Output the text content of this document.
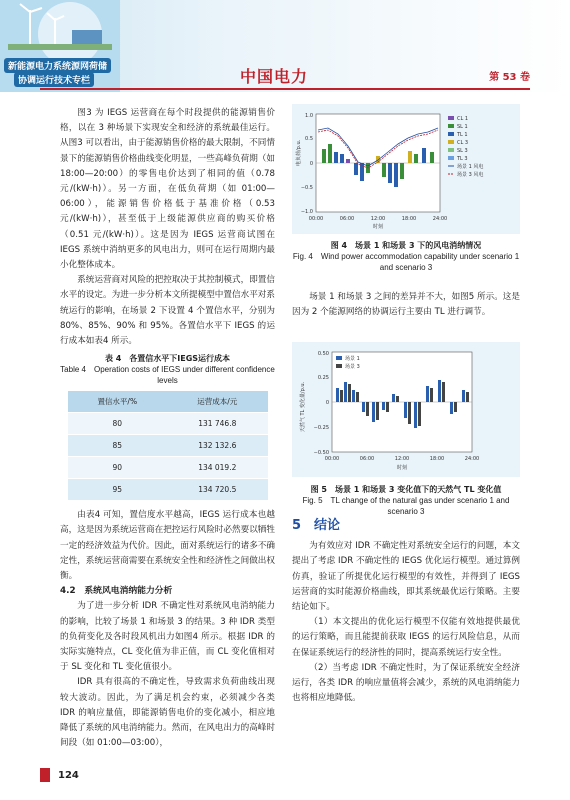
新能源电力系统源网荷储
协调运行技术专栏	中国电力	第 53 卷

图3 为 IEGS 运营商在每个时段提供的能源销售价格，以在 3 种场景下实现安全和经济的系统最佳运行。从图3 可以看出，由于能源销售价格的最大限制，不同情景下的能源销售价格曲线变化明显，一些高峰负荷期（如 18:00—20:00）的零售电价达到了相同的值（0.78 元/(kW·h)）。另一方面，在低负荷期（如 01:00—06:00），能源销售价格低于基准价格（0.53 元/(kW·h)），甚至低于上级能源供应商的购买价格（0.51 元/(kW·h)）。这是因为 IEGS 运营商试图在 IEGS 系统中消纳更多的风电出力，则可在运行周期内最小化整体成本。

系统运营商对风险的把控取决于其控制模式，即置信水平的设定。为进一步分析本文所提模型中置信水平对系统运行的影响，在场景 2 下设置 4 个置信水平，分别为 80%、85%、90% 和 95%。各置信水平下 IEGS 的运行成本如表4 所示。

表 4　各置信水平下IEGS运行成本
Table 4　Operation costs of IEGS under different confidence levels
置信水平/%	运营成本/元
80	131 746.8
85	132 132.6
90	134 019.2
95	134 720.5

由表4 可知，置信度水平越高，IEGS 运行成本也越高，这是因为系统运营商在把控运行风险时必然要以牺牲一定的经济效益为代价。因此，面对系统运行的诸多不确定性，系统运营商需要在系统安全性和经济性之间做出权衡。

4.2　系统风电消纳能力分析

为了进一步分析 IDR 不确定性对系统风电消纳能力的影响，比较了场景 1 和场景 3 的结果。3 种 IDR 类型的负荷变化及各时段风机出力如图4 所示。根据 IDR 的实际实施特点，CL 变化值为非正值，而 CL 变化值相对于 SL 变化和 TL 变化值很小。

IDR 具有很高的不确定性，导致需求负荷曲线出现较大波动。因此，为了满足机会约束，必须减少各类 IDR 的响应量值，即能源销售电价的变化减小，相应地降低了系统的风电消纳能力。然而，在风电出力的高峰时间段（如 01:00—03:00），

电负荷/p.u.
1.0
0.5
0
−0.5
−1.0
00:00	06:00	12:00	18:00	24:00
时刻
CL 1
SL 1
TL 1
CL 3
SL 3
TL 3
场景 1 风电
场景 3 风电
图 4　场景 1 和场景 3 下的风电消纳情况
Fig. 4　Wind power accommodation capability under scenario 1 and scenario 3

场景 1 和场景 3 之间的差异并不大，如图5 所示。这是因为 2 个能源网络的协调运行主要由 TL 进行调节。

天然气 TL 变化量/p.u.
0.50
0.25
0
−0.25
−0.50
00:00	06:00	12:00	18:00	24:00
时刻
场景 1
场景 3
图 5　场景 1 和场景 3 变化值下的天然气 TL 变化值
Fig. 5　TL change of the natural gas under scenario 1 and scenario 3
5　结论

为有效应对 IDR 不确定性对系统安全运行的问题，本文提出了考虑 IDR 不确定性的 IEGS 优化运行模型。通过算例仿真，验证了所提优化运行模型的有效性，并得到了 IEGS 运营商的实时能源价格曲线，即其系统最优运行策略。主要结论如下。

（1）本文提出的优化运行模型不仅能有效地提供最优的运行策略，而且能提前获取 IEGS 的运行风险信息，从而在保证系统运行的经济性的同时，提高系统运行安全性。

（2）当考虑 IDR 不确定性时，为了保证系统安全经济运行，各类 IDR 的响应量值将会减少，系统的风电消纳能力也将相应地降低。

124
